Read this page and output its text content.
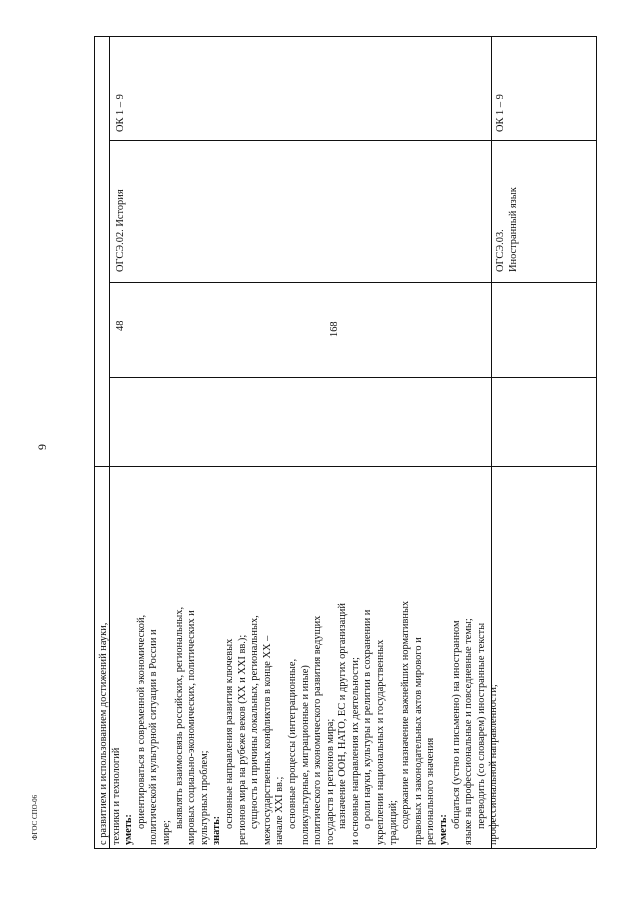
9
ФГОС СПО-06	с развитием и использованием достижений науки, техники и технологий уметь:
ориентироваться в современной экономической, политической и культурной ситуации в России и мире;
выявлять взаимосвязь российских, региональных, мировых социально-экономических, политических и культурных проблем; знать:
основные направления развития ключевых регионов мира на рубеже веков (XX и XXI вв.); сущность и причины локальных, региональных, межгосударственных конфликтов в конце XX – начале XXI вв.; основные процессы (интеграционные, поликультурные, миграционные и иные) политического и экономического развития ведущих государств и регионов мира; назначение ООН, НАТО, ЕС и других организаций и основные направления их деятельности; о роли науки, культуры и религии в сохранении и укреплении национальных и государственных традиций; содержание и назначение важнейших нормативных правовых и законодательных актов мирового и регионального значения уметь:
общаться (устно и письменно) на иностранном языке на профессиональные и повседневные темы; переводить (со словарем) иностранные тексты профессиональной направленности;
48
ОГСЭ.02. История
ОК 1 – 9
168
ОГСЭ.03. Иностранный язык
ОК 1 – 9
